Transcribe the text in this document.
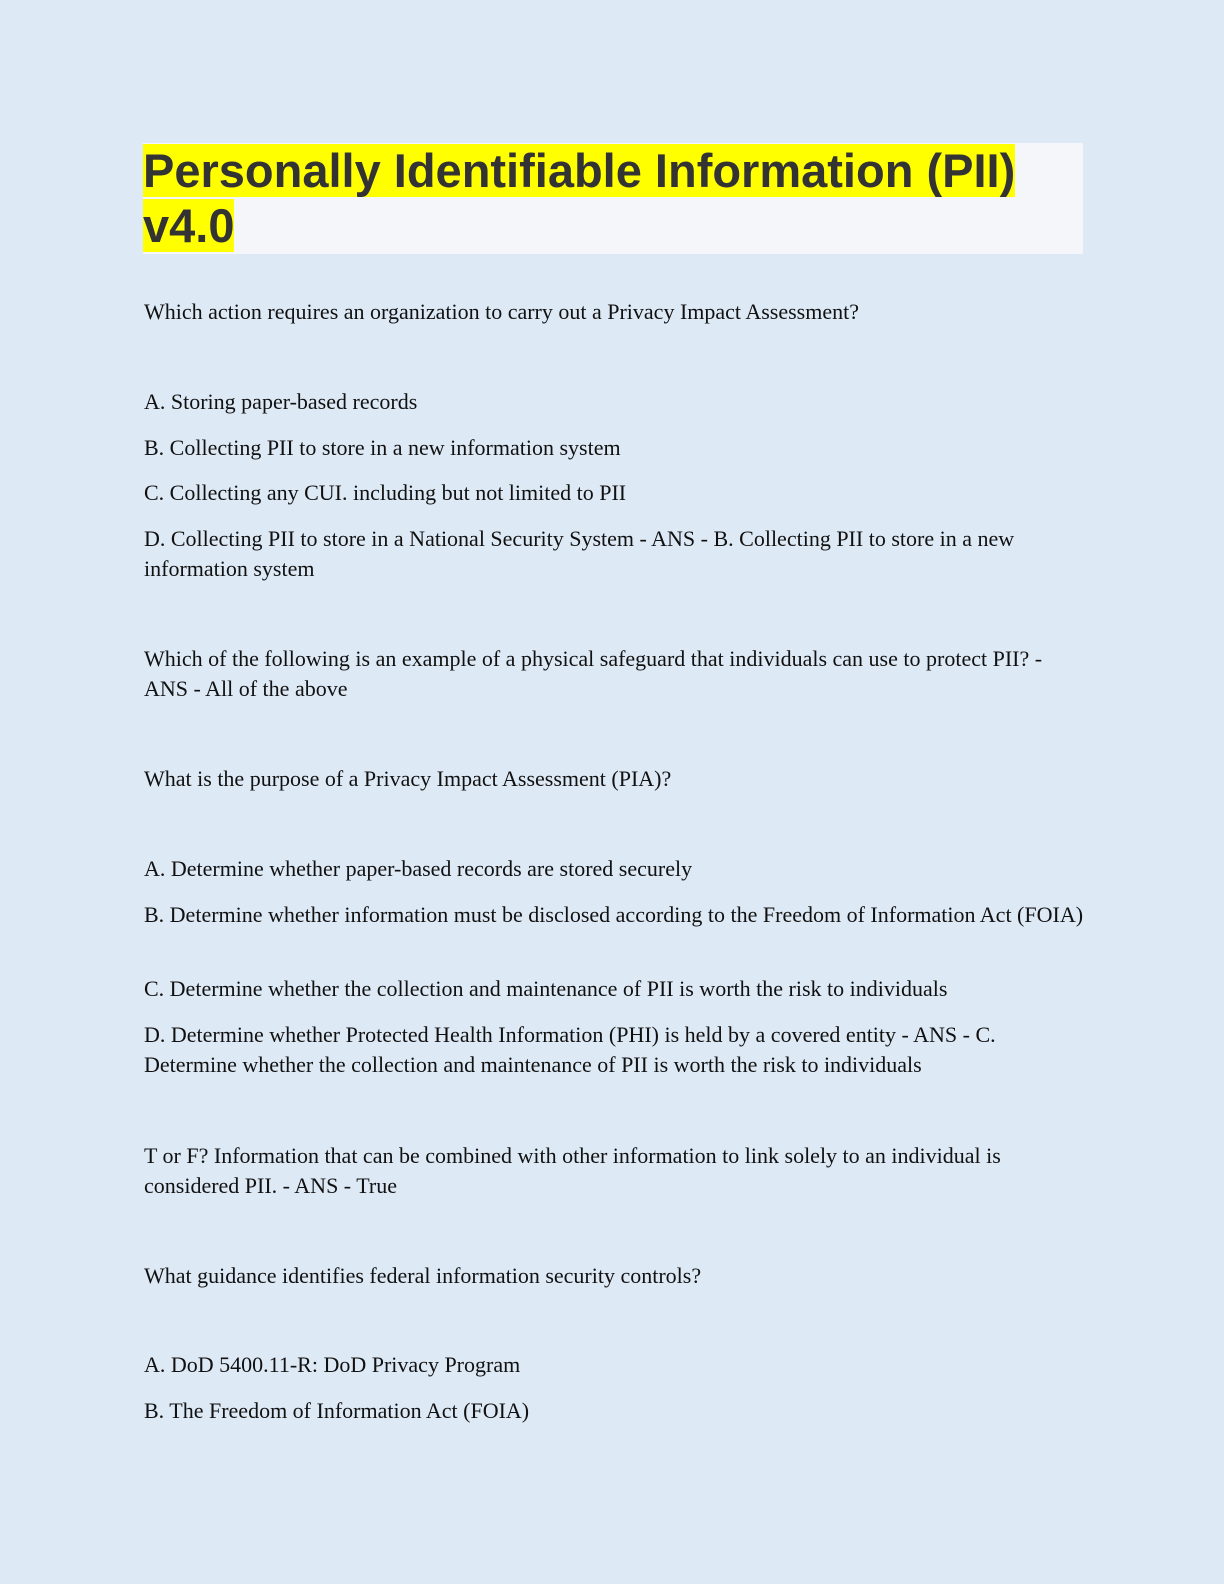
Personally Identifiable Information (PII) v4.0

Which action requires an organization to carry out a Privacy Impact Assessment?

A. Storing paper-based records

B. Collecting PII to store in a new information system

C. Collecting any CUI. including but not limited to PII

D. Collecting PII to store in a National Security System - ANS - B. Collecting PII to store in a new information system

Which of the following is an example of a physical safeguard that individuals can use to protect PII? - ANS - All of the above

What is the purpose of a Privacy Impact Assessment (PIA)?

A. Determine whether paper-based records are stored securely

B. Determine whether information must be disclosed according to the Freedom of Information Act (FOIA)

C. Determine whether the collection and maintenance of PII is worth the risk to individuals

D. Determine whether Protected Health Information (PHI) is held by a covered entity - ANS - C. Determine whether the collection and maintenance of PII is worth the risk to individuals

T or F? Information that can be combined with other information to link solely to an individual is considered PII. - ANS - True

What guidance identifies federal information security controls?

A. DoD 5400.11-R: DoD Privacy Program

B. The Freedom of Information Act (FOIA)
